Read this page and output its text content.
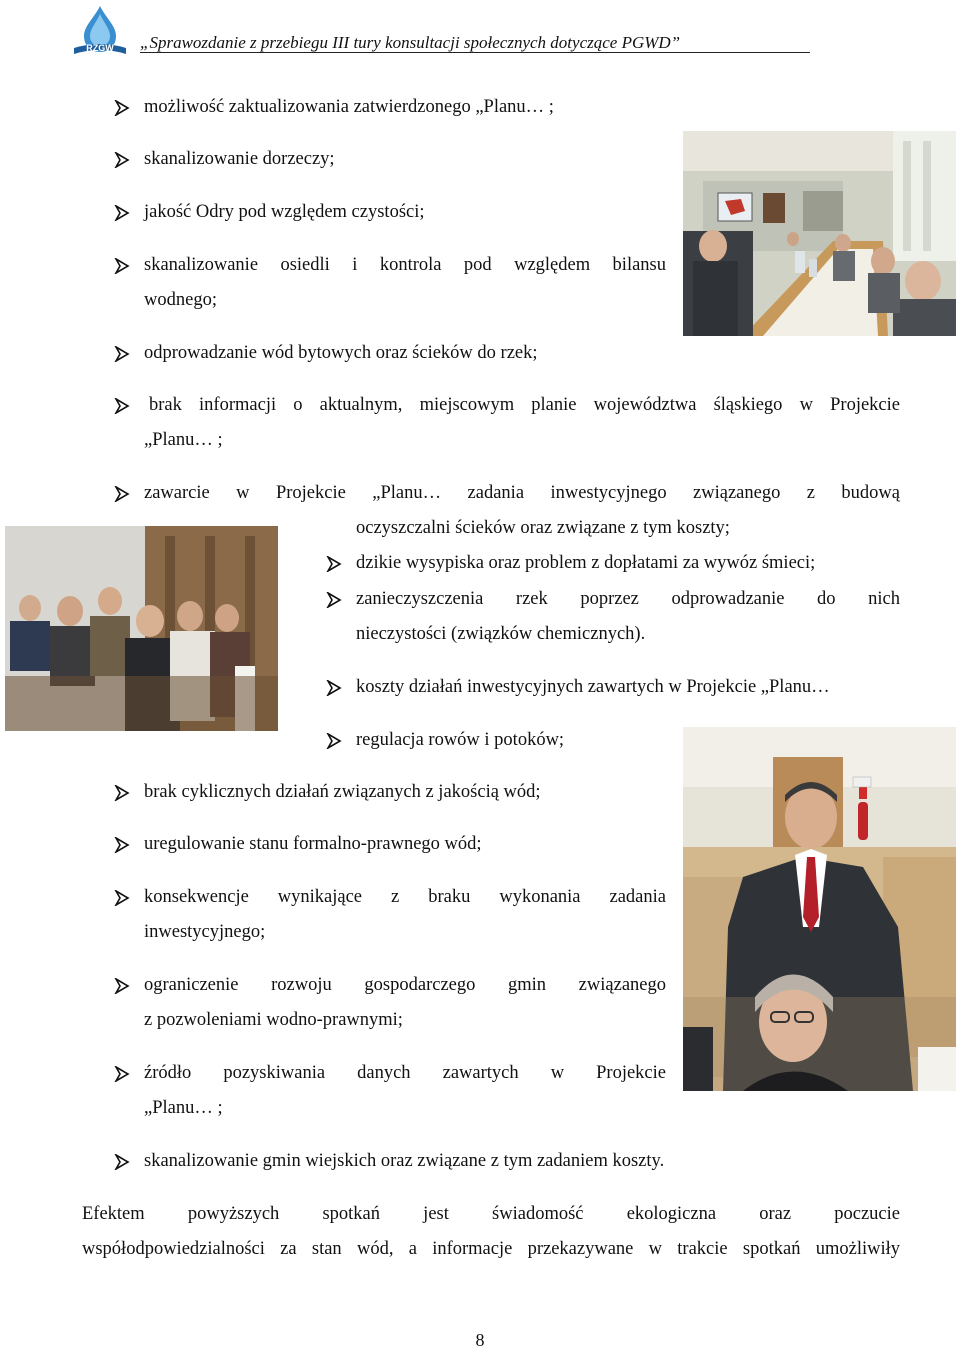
RZGW „Sprawozdanie z przebiegu III tury konsultacji społecznych dotyczące PGWD”
możliwość zaktualizowania zatwierdzonego „Planu… ;
skanalizowanie dorzeczy;
jakość Odry pod względem czystości;
skanalizowanie osiedli i kontrola pod względem bilansu
wodnego;
odprowadzanie wód bytowych oraz ścieków do rzek;
brak informacji o aktualnym, miejscowym planie województwa śląskiego w Projekcie
„Planu… ;
zawarcie w Projekcie „Planu… zadania inwestycyjnego związanego z budową
oczyszczalni ścieków oraz związane z tym koszty;
dzikie wysypiska oraz problem z dopłatami za wywóz śmieci;
zanieczyszczenia rzek poprzez odprowadzanie do nich
nieczystości (związków chemicznych).
koszty działań inwestycyjnych zawartych w Projekcie „Planu…
regulacja rowów i potoków;
brak cyklicznych działań związanych z jakością wód;
uregulowanie stanu formalno-prawnego wód;
konsekwencje wynikające z braku wykonania zadania
inwestycyjnego;
ograniczenie rozwoju gospodarczego gmin związanego
z pozwoleniami wodno-prawnymi;
źródło pozyskiwania danych zawartych w Projekcie
„Planu… ;
skanalizowanie gmin wiejskich oraz związane z tym zadaniem koszty.
Efektem powyższych spotkań jest świadomość ekologiczna oraz poczucie
współodpowiedzialności za stan wód, a informacje przekazywane w trakcie spotkań umożliwiły
8
